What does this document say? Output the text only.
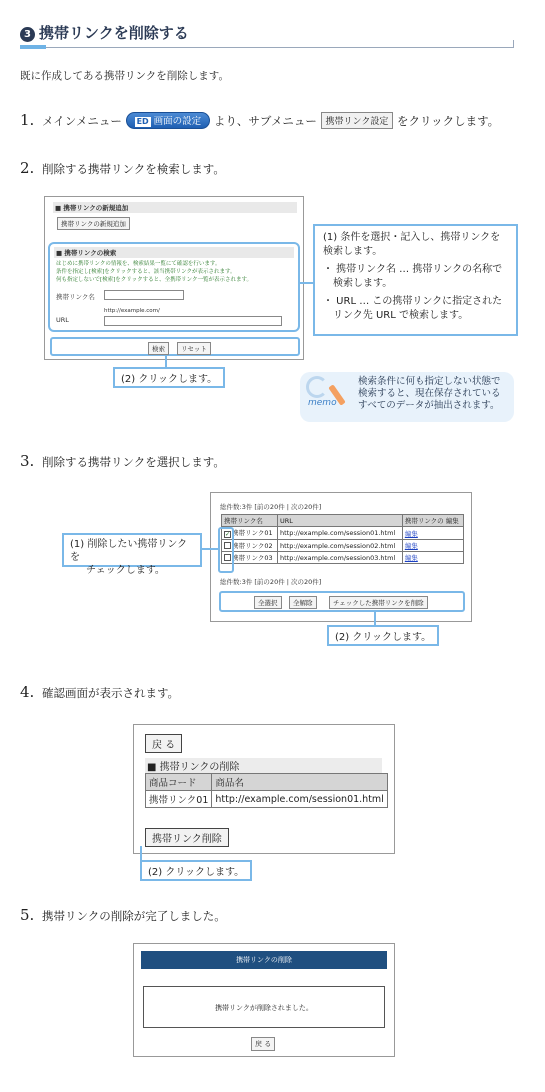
3 携帯リンクを削除する
既に作成してある携帯リンクを削除します。
1. メインメニュー ED 画面の設定 より、サブメニュー 携帯リンク設定 をクリックします。
2. 削除する携帯リンクを検索します。
■ 携帯リンクの新規追加
携帯リンクの新規追加
■ 携帯リンクの検索
はじめに携帯リンクの情報を、検索結果一覧にて確認を行います。
条件を指定し[検索]をクリックすると、該当携帯リンクが表示されます。
何も指定しないで[検索]をクリックすると、全携帯リンク一覧が表示されます。
携帯リンク名
http://example.com/
URL
検索	リセット
(1) 条件を選択・記入し、携帯リンクを検索します。
・ 携帯リンク名 … 携帯リンクの名称で検索します。
・ URL … この携帯リンクに指定されたリンク先 URL で検索します。
(2) クリックします。
memo
検索条件に何も指定しない状態で
検索すると、現在保存されている
すべてのデータが抽出されます。
3. 削除する携帯リンクを選択します。
総件数:3件 [前の20件 | 次の20件]
携帯リンク名	URL	携帯リンクの 編集
✓ 携帯リンク01	http://example.com/session01.html	編集
携帯リンク02	http://example.com/session02.html	編集
携帯リンク03	http://example.com/session03.html	編集
総件数:3件 [前の20件 | 次の20件]
全選択	全解除	チェックした携帯リンクを削除
(1) 削除したい携帯リンクを
チェックします。
(2) クリックします。
4. 確認画面が表示されます。
戻 る
■ 携帯リンクの削除
商品コード	商品名
携帯リンク01	http://example.com/session01.html
携帯リンク削除
(2) クリックします。
5. 携帯リンクの削除が完了しました。
携帯リンクの削除
携帯リンクが削除されました。
戻 る
